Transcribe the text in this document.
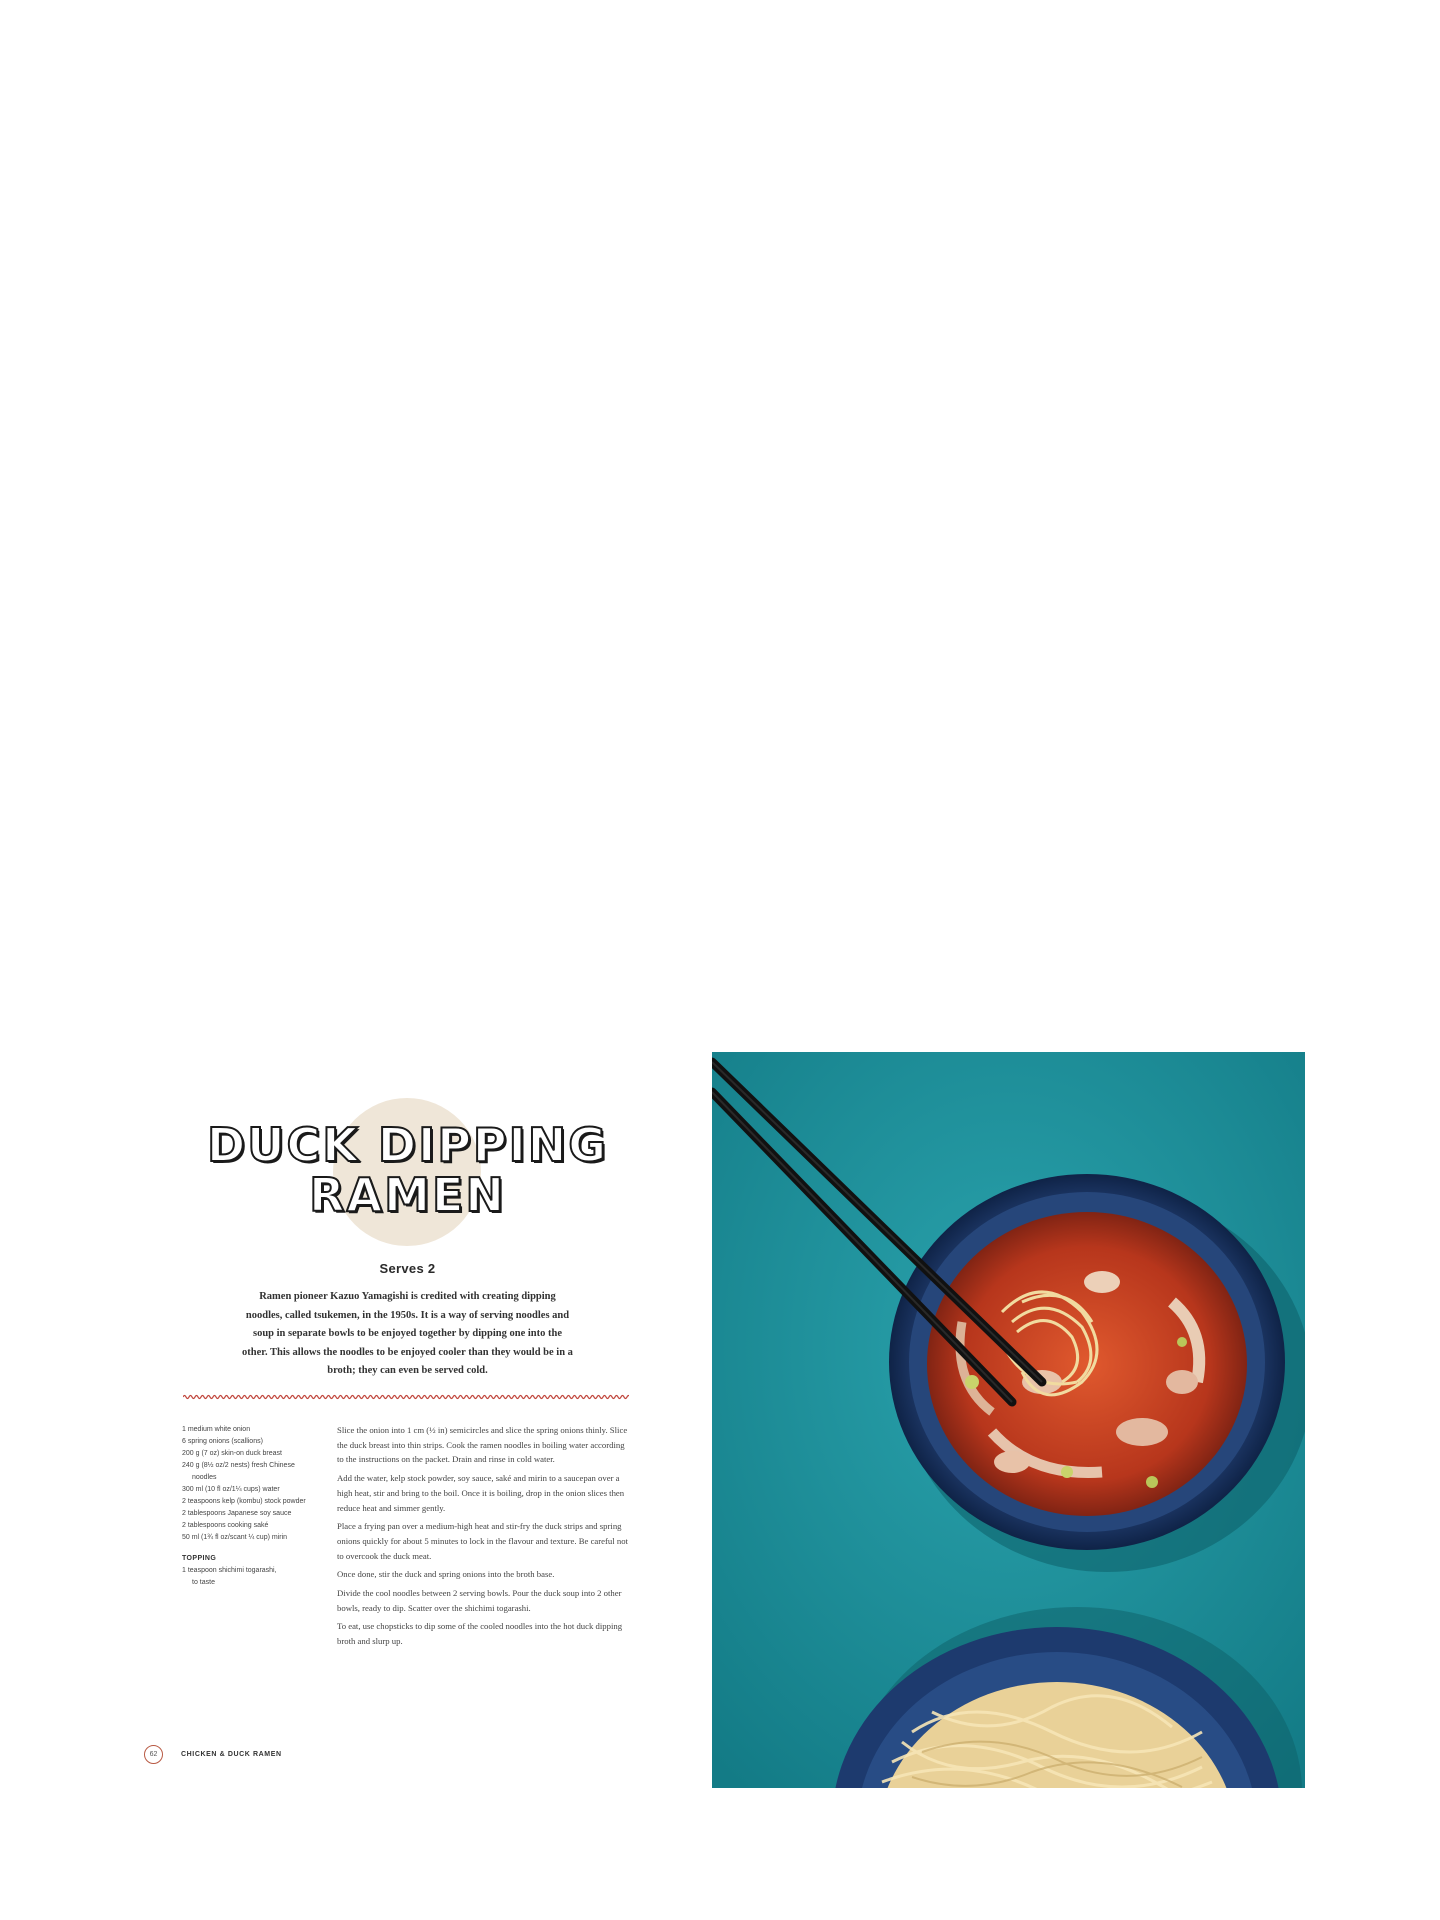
DUCK DIPPING
RAMEN
Serves 2
Ramen pioneer Kazuo Yamagishi is credited with creating dipping noodles, called tsukemen, in the 1950s. It is a way of serving noodles and soup in separate bowls to be enjoyed together by dipping one into the other. This allows the noodles to be enjoyed cooler than they would be in a broth; they can even be served cold.
1 medium white onion
6 spring onions (scallions)
200 g (7 oz) skin-on duck breast
240 g (8½ oz/2 nests) fresh Chinese
noodles
300 ml (10 fl oz/1¼ cups) water
2 teaspoons kelp (kombu) stock powder
2 tablespoons Japanese soy sauce
2 tablespoons cooking saké
50 ml (1¾ fl oz/scant ¼ cup) mirin
TOPPING
1 teaspoon shichimi togarashi,
to taste

Slice the onion into 1 cm (½ in) semicircles and slice the spring onions thinly. Slice the duck breast into thin strips. Cook the ramen noodles in boiling water according to the instructions on the packet. Drain and rinse in cold water.

Add the water, kelp stock powder, soy sauce, saké and mirin to a saucepan over a high heat, stir and bring to the boil. Once it is boiling, drop in the onion slices then reduce heat and simmer gently.

Place a frying pan over a medium-high heat and stir-fry the duck strips and spring onions quickly for about 5 minutes to lock in the flavour and texture. Be careful not to overcook the duck meat.

Once done, stir the duck and spring onions into the broth base.

Divide the cool noodles between 2 serving bowls. Pour the duck soup into 2 other bowls, ready to dip. Scatter over the shichimi togarashi.

To eat, use chopsticks to dip some of the cooled noodles into the hot duck dipping broth and slurp up.

62	CHICKEN & DUCK RAMEN
